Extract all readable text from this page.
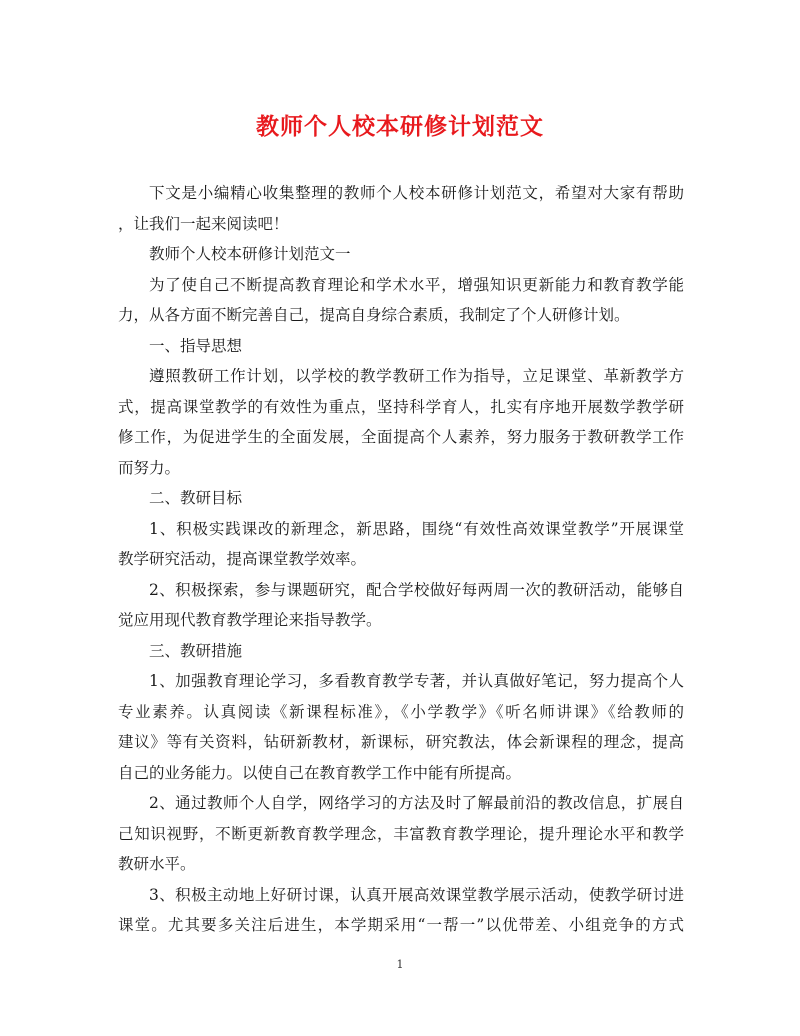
教师个人校本研修计划范文
下文是小编精心收集整理的教师个人校本研修计划范文，希望对大家有帮助
，让我们一起来阅读吧！
教师个人校本研修计划范文一
为了使自己不断提高教育理论和学术水平，增强知识更新能力和教育教学能
力，从各方面不断完善自己，提高自身综合素质，我制定了个人研修计划。
一、指导思想
遵照教研工作计划，以学校的教学教研工作为指导，立足课堂、革新教学方
式，提高课堂教学的有效性为重点，坚持科学育人，扎实有序地开展数学教学研
修工作，为促进学生的全面发展，全面提高个人素养，努力服务于教研教学工作
而努力。
二、教研目标
1、积极实践课改的新理念，新思路，围绕“有效性高效课堂教学”开展课堂
教学研究活动，提高课堂教学效率。
2、积极探索，参与课题研究，配合学校做好每两周一次的教研活动，能够自
觉应用现代教育教学理论来指导教学。
三、教研措施
1、加强教育理论学习，多看教育教学专著，并认真做好笔记，努力提高个人
专业素养。认真阅读《新课程标准》，《小学教学》《听名师讲课》《给教师的
建议》等有关资料，钻研新教材，新课标，研究教法，体会新课程的理念，提高
自己的业务能力。以使自己在教育教学工作中能有所提高。
2、通过教师个人自学，网络学习的方法及时了解最前沿的教改信息，扩展自
己知识视野，不断更新教育教学理念，丰富教育教学理论，提升理论水平和教学
教研水平。
3、积极主动地上好研讨课，认真开展高效课堂教学展示活动，使教学研讨进
课堂。尤其要多关注后进生，本学期采用“一帮一”以优带差、小组竞争的方式
1
